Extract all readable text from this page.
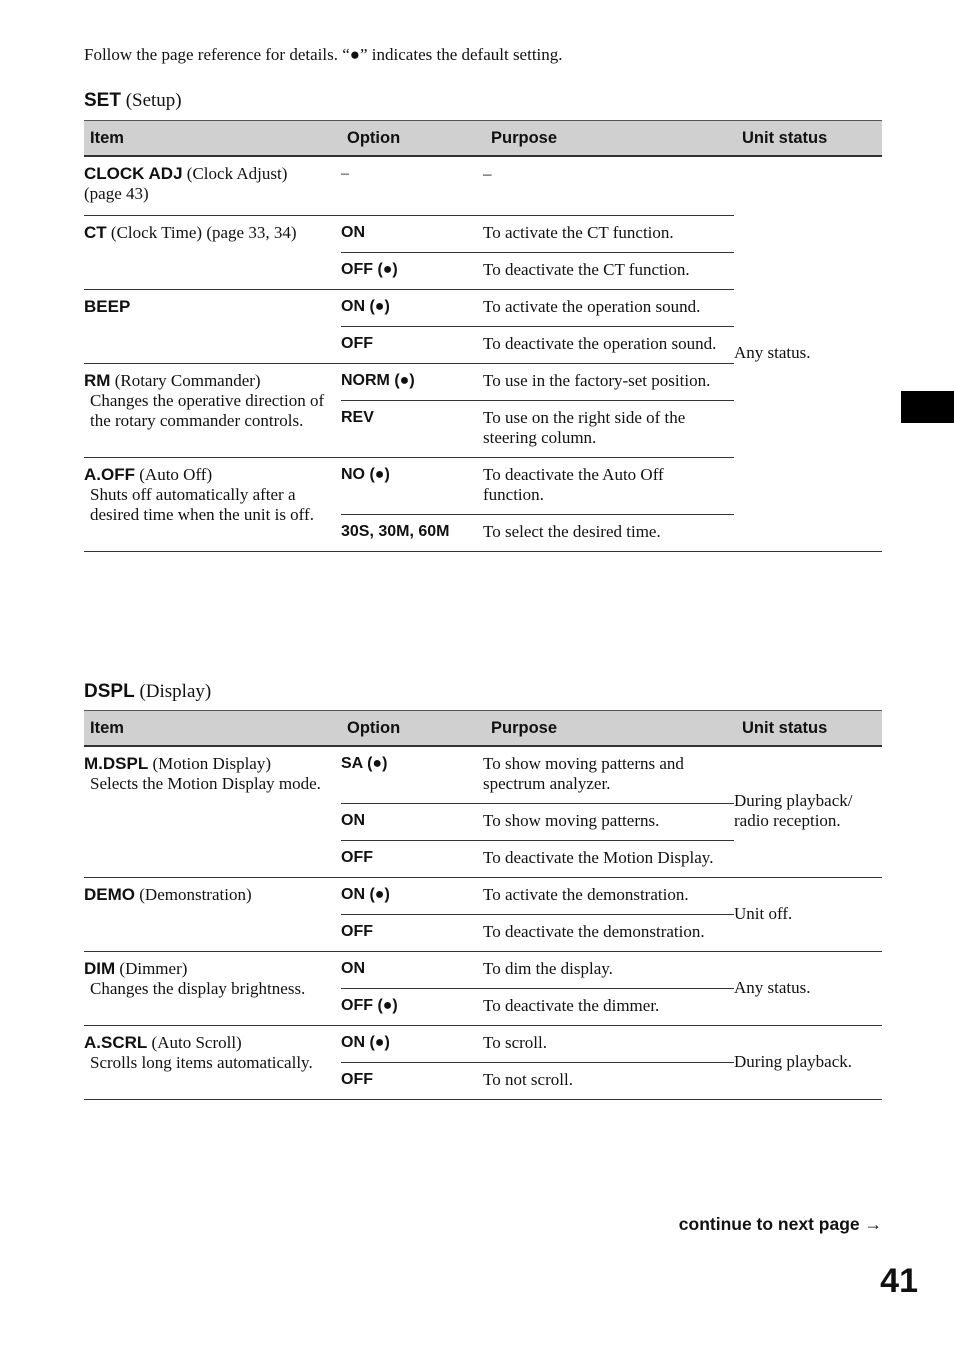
Follow the page reference for details. “●” indicates the default setting.
SET (Setup)
Item	Option	Purpose	Unit status
CLOCK ADJ (Clock Adjust)
(page 43)	–	–	Any status.
CT (Clock Time) (page 33, 34)	ON	To activate the CT function.	
	OFF (●)	To deactivate the CT function.	
BEEP	ON (●)	To activate the operation sound.	
	OFF	To deactivate the operation sound.	
RM (Rotary Commander)
Changes the operative direction of the rotary commander controls.	NORM (●)	To use in the factory-set position.	
	REV	To use on the right side of the steering column.	
A.OFF (Auto Off)
Shuts off automatically after a desired time when the unit is off.	NO (●)	To deactivate the Auto Off function.	
	30S, 30M, 60M	To select the desired time.	
DSPL (Display)
Item	Option	Purpose	Unit status
M.DSPL (Motion Display)
Selects the Motion Display mode.	SA (●)	To show moving patterns and spectrum analyzer.	During playback/ radio reception.
	ON	To show moving patterns.	
	OFF	To deactivate the Motion Display.	
DEMO (Demonstration)	ON (●)	To activate the demonstration.	Unit off.
	OFF	To deactivate the demonstration.	
DIM (Dimmer)
Changes the display brightness.	ON	To dim the display.	Any status.
	OFF (●)	To deactivate the dimmer.	
A.SCRL (Auto Scroll)
Scrolls long items automatically.	ON (●)	To scroll.	During playback.
	OFF	To not scroll.	
continue to next page →
41
